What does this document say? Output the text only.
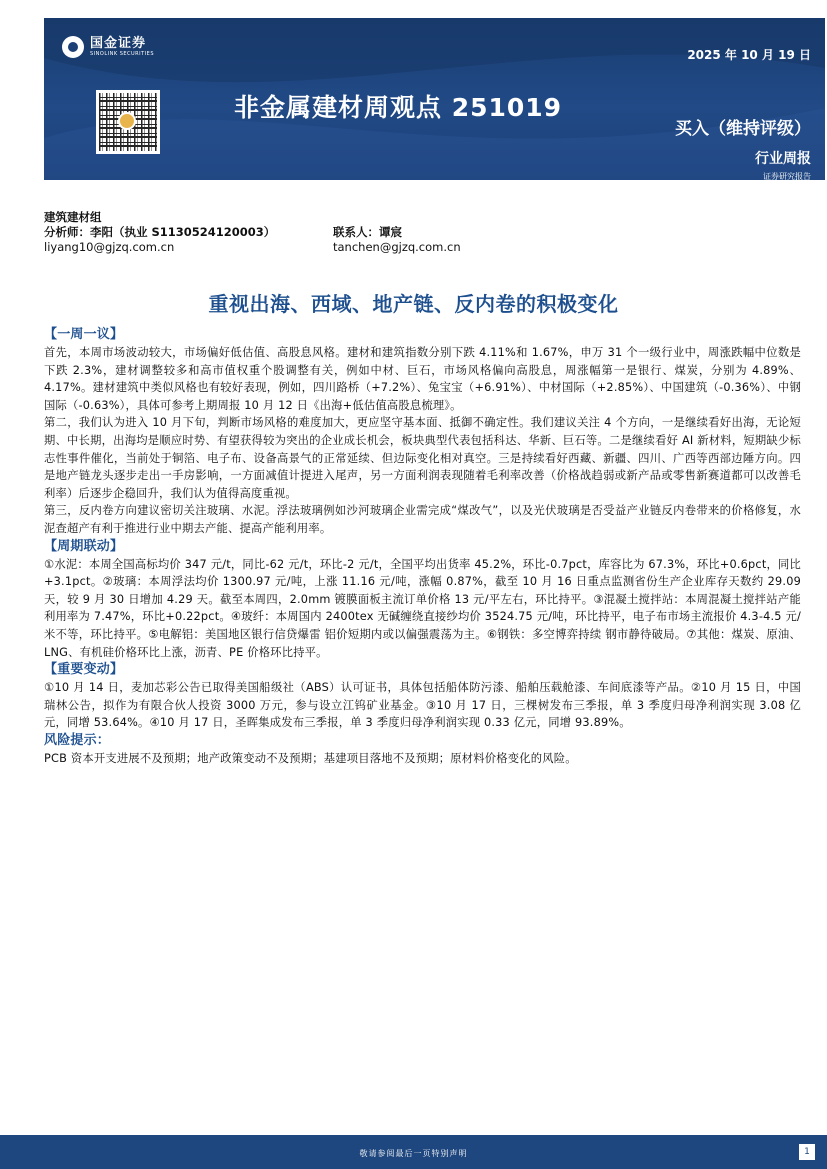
国金证券
SINOLINK SECURITIES
非金属建材周观点 251019
2025 年 10 月 19 日
买入（维持评级）
行业周报
证券研究报告
建筑建材组
分析师：李阳（执业 S1130524120003）	联系人：谭宸
liyang10@gjzq.com.cn	tanchen@gjzq.com.cn
重视出海、西域、地产链、反内卷的积极变化
【一周一议】

首先，本周市场波动较大，市场偏好低估值、高股息风格。建材和建筑指数分别下跌 4.11%和 1.67%，申万 31 个一级行业中，周涨跌幅中位数是下跌 2.3%，建材调整较多和高市值权重个股调整有关，例如中材、巨石，市场风格偏向高股息，周涨幅第一是银行、煤炭，分别为 4.89%、4.17%。建材建筑中类似风格也有较好表现，例如，四川路桥（+7.2%）、兔宝宝（+6.91%）、中材国际（+2.85%）、中国建筑（-0.36%）、中钢国际（-0.63%），具体可参考上期周报 10 月 12 日《出海+低估值高股息梳理》。

第二，我们认为进入 10 月下旬，判断市场风格的难度加大，更应坚守基本面、抵御不确定性。我们建议关注 4 个方向，一是继续看好出海，无论短期、中长期，出海均是顺应时势、有望获得较为突出的企业成长机会，板块典型代表包括科达、华新、巨石等。二是继续看好 AI 新材料，短期缺少标志性事件催化，当前处于铜箔、电子布、设备高景气的正常延续、但边际变化相对真空。三是持续看好西藏、新疆、四川、广西等西部边陲方向。四是地产链龙头逐步走出一手房影响，一方面减值计提进入尾声，另一方面利润表现随着毛利率改善（价格战趋弱或新产品或零售新赛道都可以改善毛利率）后逐步企稳回升，我们认为值得高度重视。

第三，反内卷方向建议密切关注玻璃、水泥。浮法玻璃例如沙河玻璃企业需完成“煤改气”，以及光伏玻璃是否受益产业链反内卷带来的价格修复，水泥查超产有利于推进行业中期去产能、提高产能利用率。

【周期联动】

①水泥：本周全国高标均价 347 元/t，同比-62 元/t，环比-2 元/t，全国平均出货率 45.2%，环比-0.7pct，库容比为 67.3%，环比+0.6pct，同比+3.1pct。②玻璃：本周浮法均价 1300.97 元/吨，上涨 11.16 元/吨，涨幅 0.87%，截至 10 月 16 日重点监测省份生产企业库存天数约 29.09 天，较 9 月 30 日增加 4.29 天。截至本周四，2.0mm 镀膜面板主流订单价格 13 元/平左右，环比持平。③混凝土搅拌站：本周混凝土搅拌站产能利用率为 7.47%，环比+0.22pct。④玻纤：本周国内 2400tex 无碱缠绕直接纱均价 3524.75 元/吨，环比持平，电子布市场主流报价 4.3-4.5 元/米不等，环比持平。⑤电解铝：美国地区银行信贷爆雷 铝价短期内或以偏强震荡为主。⑥钢铁：多空博弈持续 钢市静待破局。⑦其他：煤炭、原油、LNG、有机硅价格环比上涨，沥青、PE 价格环比持平。

【重要变动】

①10 月 14 日，麦加芯彩公告已取得美国船级社（ABS）认可证书，具体包括船体防污漆、船舶压载舱漆、车间底漆等产品。②10 月 15 日，中国瑞林公告，拟作为有限合伙人投资 3000 万元，参与设立江钨矿业基金。③10 月 17 日，三棵树发布三季报，单 3 季度归母净利润实现 3.08 亿元，同增 53.64%。④10 月 17 日，圣晖集成发布三季报，单 3 季度归母净利润实现 0.33 亿元，同增 93.89%。

风险提示：

PCB 资本开支进展不及预期；地产政策变动不及预期；基建项目落地不及预期；原材料价格变化的风险。

敬请参阅最后一页特别声明	1
